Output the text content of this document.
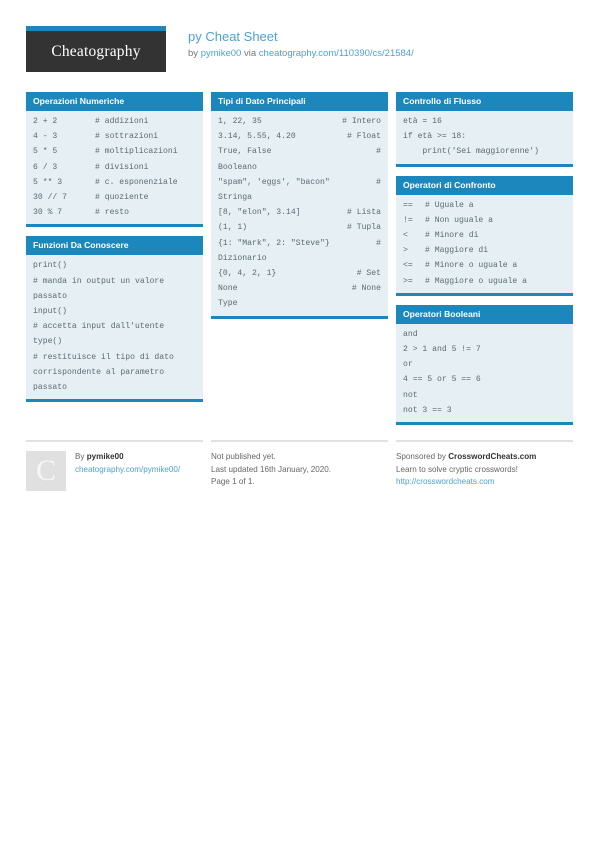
Cheatography
py Cheat Sheet
by pymike00 via cheatography.com/110390/cs/21584/
Operazioni Numeriche
2 + 2	# addizioni
4 - 3	# sottrazioni
5 * 5	# moltiplicazioni
6 / 3	# divisioni
5 ** 3	# c. esponenziale
30 // 7	# quoziente
30 % 7	# resto
Funzioni Da Conoscere
print()
# manda in output un valore
passato
input()
# accetta input dall'utente
type()
# restituisce il tipo di dato
corrispondente al parametro
passato
Tipi di Dato Principali
1, 22, 35	# Intero
3.14, 5.55, 4.20	# Float
True, False	#
Booleano
"spam", 'eggs', "bacon"	#
Stringa
[8, "elon", 3.14]	# Lista
(1, 1)	# Tupla
{1: "Mark", 2: "Steve"}	#
Dizionario
{0, 4, 2, 1}	# Set
None	# None
Type
Controllo di Flusso
età = 16
if età >= 18:
print('Sei maggiorenne')
Operatori di Confronto
==	# Uguale a
!=	# Non uguale a
<	# Minore di
>	# Maggiore di
<=	# Minore o uguale a
>=	# Maggiore o uguale a
Operatori Booleani
and
2 > 1 and 5 != 7
or
4 == 5 or 5 == 6
not
not 3 == 3
C	By pymike00
cheatography.com/pymike00/
Not published yet.
Last updated 16th January, 2020.
Page 1 of 1.
Sponsored by CrosswordCheats.com
Learn to solve cryptic crosswords!
http://crosswordcheats.com
